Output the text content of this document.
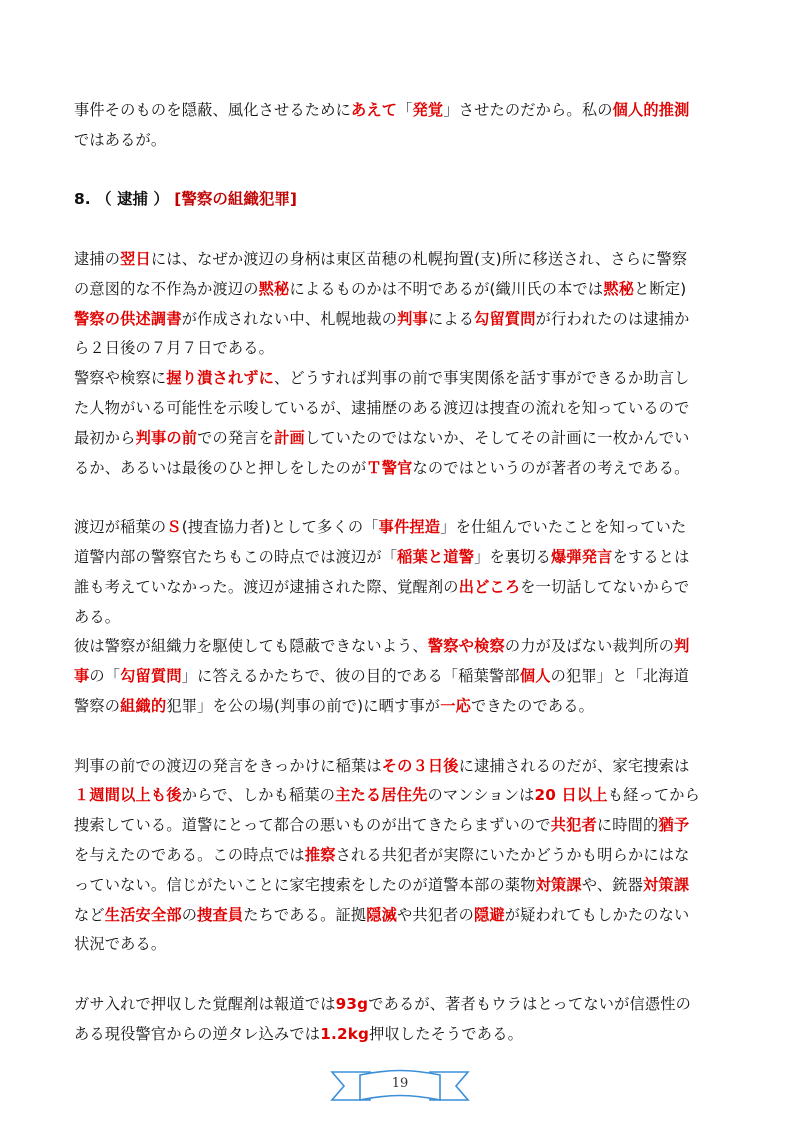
事件そのものを隠蔽、風化させるためにあえて「発覚」させたのだから。私の個人的推測
ではあるが。
8. （ 逮捕 ） [警察の組織犯罪]
逮捕の翌日には、なぜか渡辺の身柄は東区苗穂の札幌拘置(支)所に移送され、さらに警察
の意図的な不作為か渡辺の黙秘によるものかは不明であるが(織川氏の本では黙秘と断定)
警察の供述調書が作成されない中、札幌地裁の判事による勾留質問が行われたのは逮捕か
ら２日後の７月７日である。
警察や検察に握り潰されずに、どうすれば判事の前で事実関係を話す事ができるか助言し
た人物がいる可能性を示唆しているが、逮捕歴のある渡辺は捜査の流れを知っているので
最初から判事の前での発言を計画していたのではないか、そしてその計画に一枚かんでい
るか、あるいは最後のひと押しをしたのがＴ警官なのではというのが著者の考えである。
渡辺が稲葉のＳ(捜査協力者)として多くの「事件捏造」を仕組んでいたことを知っていた
道警内部の警察官たちもこの時点では渡辺が「稲葉と道警」を裏切る爆弾発言をするとは
誰も考えていなかった。渡辺が逮捕された際、覚醒剤の出どころを一切話してないからで
ある。
彼は警察が組織力を駆使しても隠蔽できないよう、警察や検察の力が及ばない裁判所の判
事の「勾留質問」に答えるかたちで、彼の目的である「稲葉警部個人の犯罪」と「北海道
警察の組織的犯罪」を公の場(判事の前で)に晒す事が一応できたのである。
判事の前での渡辺の発言をきっかけに稲葉はその３日後に逮捕されるのだが、家宅捜索は
１週間以上も後からで、しかも稲葉の主たる居住先のマンションは20 日以上も経ってから
捜索している。道警にとって都合の悪いものが出てきたらまずいので共犯者に時間的猶予
を与えたのである。この時点では推察される共犯者が実際にいたかどうかも明らかにはな
っていない。信じがたいことに家宅捜索をしたのが道警本部の薬物対策課や、銃器対策課
など生活安全部の捜査員たちである。証拠隠滅や共犯者の隠避が疑われてもしかたのない
状況である。
ガサ入れで押収した覚醒剤は報道では93gであるが、著者もウラはとってないが信憑性の
ある現役警官からの逆タレ込みでは1.2kg押収したそうである。
19
